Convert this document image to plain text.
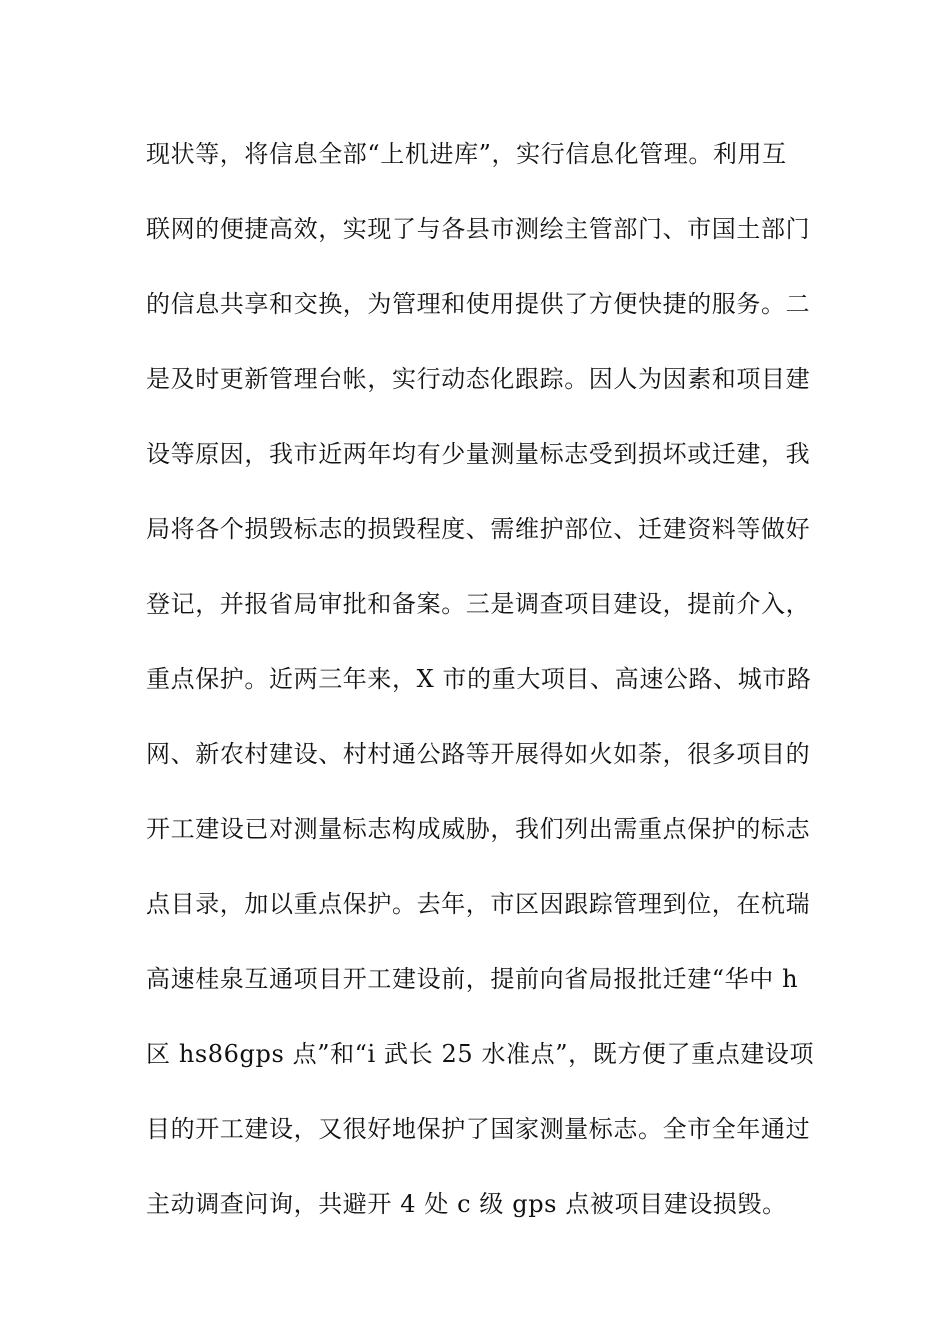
现状等，将信息全部“上机进库”，实行信息化管理。利用互
联网的便捷高效，实现了与各县市测绘主管部门、市国土部门
的信息共享和交换，为管理和使用提供了方便快捷的服务。二
是及时更新管理台帐，实行动态化跟踪。因人为因素和项目建
设等原因，我市近两年均有少量测量标志受到损坏或迁建，我
局将各个损毁标志的损毁程度、需维护部位、迁建资料等做好
登记，并报省局审批和备案。三是调查项目建设，提前介入，
重点保护。近两三年来，X 市的重大项目、高速公路、城市路
网、新农村建设、村村通公路等开展得如火如荼，很多项目的
开工建设已对测量标志构成威胁，我们列出需重点保护的标志
点目录，加以重点保护。去年，市区因跟踪管理到位，在杭瑞
高速桂泉互通项目开工建设前，提前向省局报批迁建“华中 h
区 hs86gps 点”和“i 武长 25 水准点”，既方便了重点建设项
目的开工建设，又很好地保护了国家测量标志。全市全年通过
主动调查问询，共避开 4 处 c 级 gps 点被项目建设损毁。
